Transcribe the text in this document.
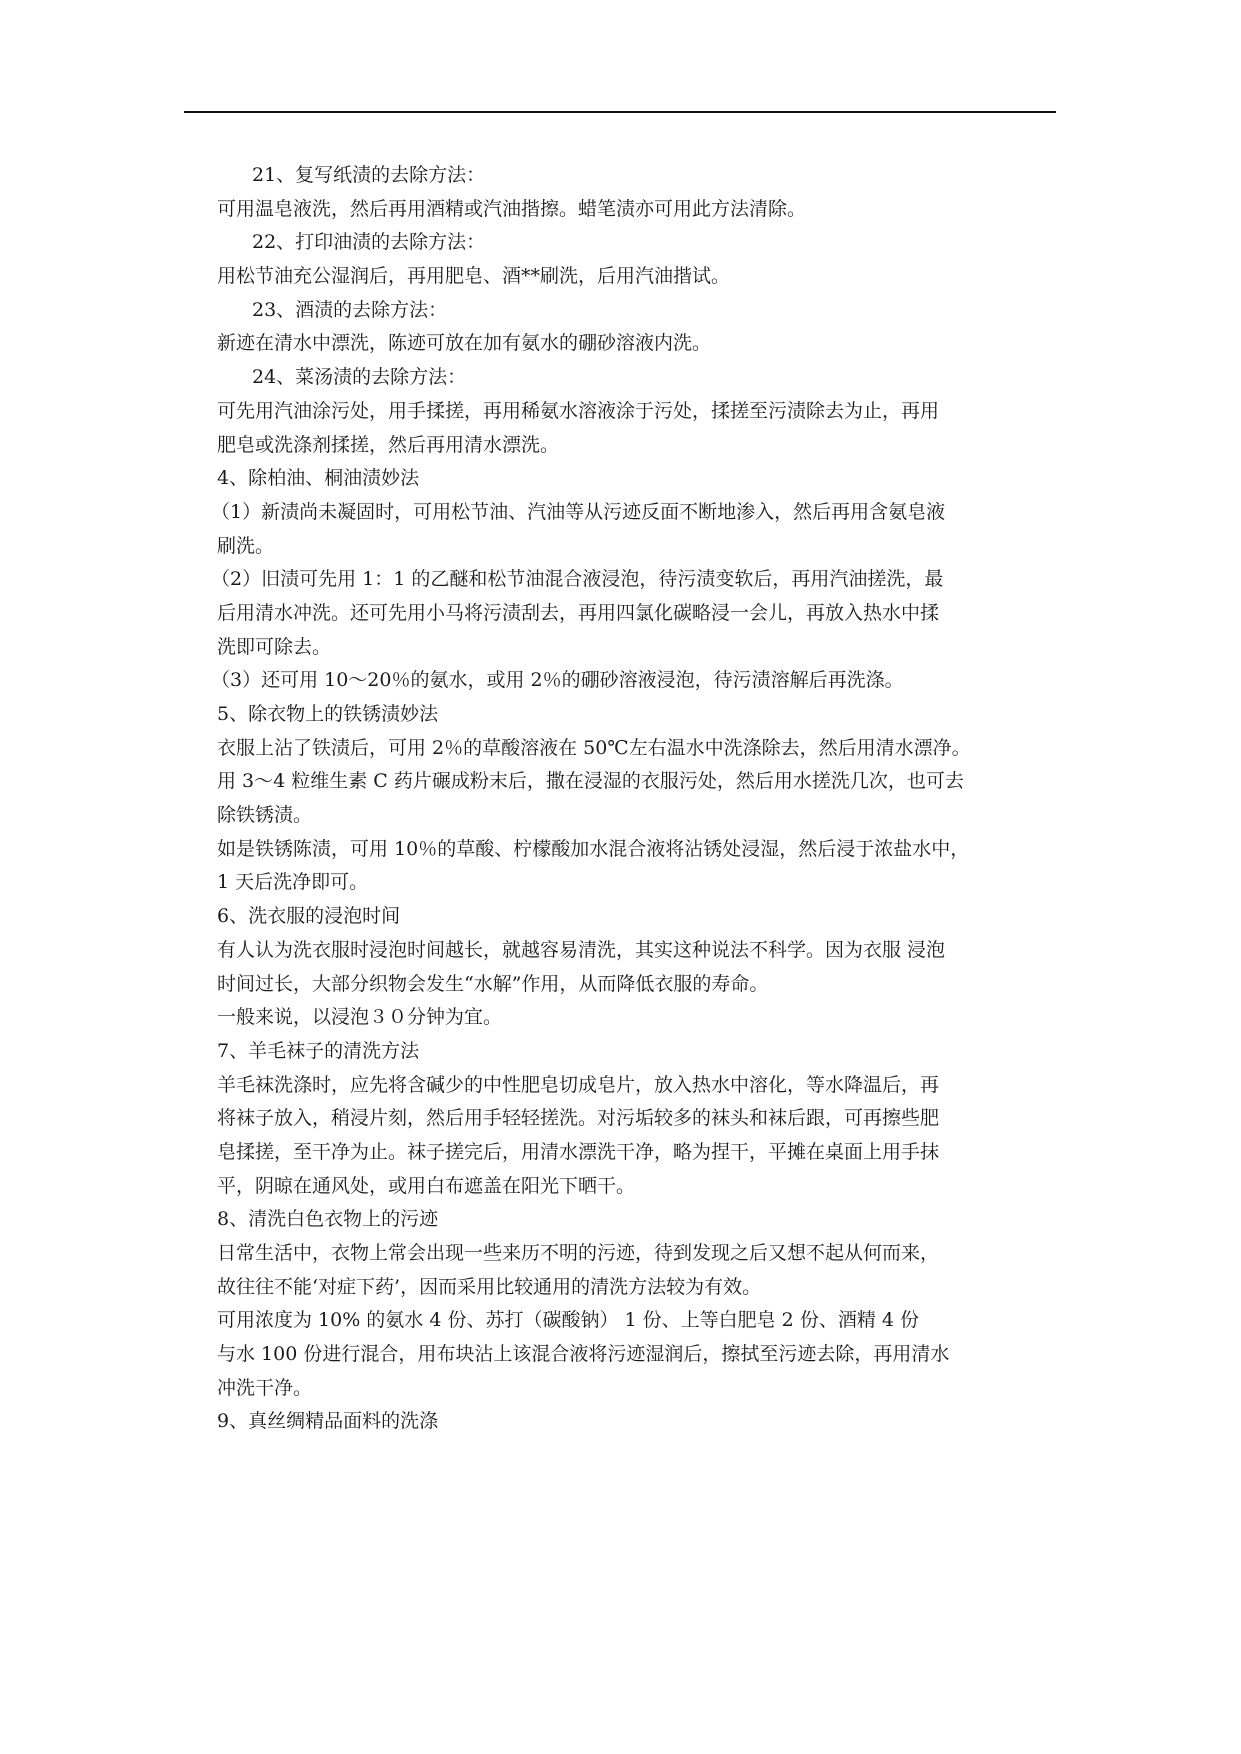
21、复写纸渍的去除方法：
可用温皂液洗，然后再用酒精或汽油揩擦。蜡笔渍亦可用此方法清除。
22、打印油渍的去除方法：
用松节油充公湿润后，再用肥皂、酒**刷洗，后用汽油揩试。
23、酒渍的去除方法：
新迹在清水中漂洗，陈迹可放在加有氨水的硼砂溶液内洗。
24、菜汤渍的去除方法：
可先用汽油涂污处，用手揉搓，再用稀氨水溶液涂于污处，揉搓至污渍除去为止，再用
肥皂或洗涤剂揉搓，然后再用清水漂洗。
4、除柏油、桐油渍妙法
（1）新渍尚未凝固时，可用松节油、汽油等从污迹反面不断地渗入，然后再用含氨皂液
刷洗。
（2）旧渍可先用 1：1 的乙醚和松节油混合液浸泡，待污渍变软后，再用汽油搓洗，最
后用清水冲洗。还可先用小马将污渍刮去，再用四氯化碳略浸一会儿，再放入热水中揉
洗即可除去。
（3）还可用 10～20％的氨水，或用 2％的硼砂溶液浸泡，待污渍溶解后再洗涤。
5、除衣物上的铁锈渍妙法
衣服上沾了铁渍后，可用 2％的草酸溶液在 50℃左右温水中洗涤除去，然后用清水漂净。
用 3～4 粒维生素 C 药片碾成粉末后，撒在浸湿的衣服污处，然后用水搓洗几次，也可去
除铁锈渍。
如是铁锈陈渍，可用 10％的草酸、柠檬酸加水混合液将沾锈处浸湿，然后浸于浓盐水中，
1 天后洗净即可。
6、洗衣服的浸泡时间
有人认为洗衣服时浸泡时间越长，就越容易清洗，其实这种说法不科学。因为衣服 浸泡
时间过长，大部分织物会发生“水解”作用，从而降低衣服的寿命。
一般来说，以浸泡３０分钟为宜。
7、羊毛袜子的清洗方法
羊毛袜洗涤时，应先将含碱少的中性肥皂切成皂片，放入热水中溶化，等水降温后，再
将袜子放入，稍浸片刻，然后用手轻轻搓洗。对污垢较多的袜头和袜后跟，可再擦些肥
皂揉搓，至干净为止。袜子搓完后，用清水漂洗干净，略为捏干，平摊在桌面上用手抹
平，阴晾在通风处，或用白布遮盖在阳光下晒干。
8、清洗白色衣物上的污迹
日常生活中，衣物上常会出现一些来历不明的污迹，待到发现之后又想不起从何而来，
故往往不能‘对症下药’，因而采用比较通用的清洗方法较为有效。
可用浓度为 10% 的氨水 4 份、苏打（碳酸钠） 1 份、上等白肥皂 2 份、酒精 4 份
与水 100 份进行混合，用布块沾上该混合液将污迹湿润后，擦拭至污迹去除，再用清水
冲洗干净。
9、真丝绸精品面料的洗涤
